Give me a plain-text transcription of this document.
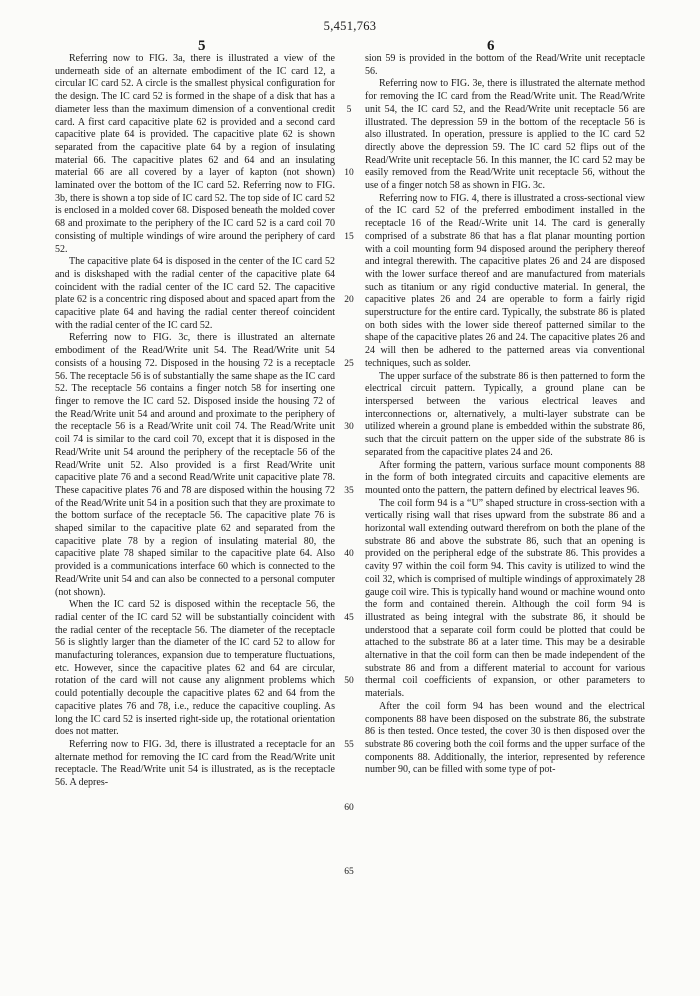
5,451,763
5	6

Referring now to FIG. 3a, there is illustrated a view of the underneath side of an alternate embodiment of the IC card 12, a circular IC card 52. A circle is the smallest physical configuration for the design. The IC card 52 is formed in the shape of a disk that has a diameter less than the maximum dimension of a conventional credit card. A first card capacitive plate 62 is provided and a second card capacitive plate 64 is provided. The capacitive plate 62 is shown separated from the capacitive plate 64 by a region of insulating material 66. The capacitive plates 62 and 64 and an insulating material 66 are all covered by a layer of kapton (not shown) laminated over the bottom of the IC card 52. Referring now to FIG. 3b, there is shown a top side of IC card 52. The top side of IC card 52 is enclosed in a molded cover 68. Disposed beneath the molded cover 68 and proximate to the periphery of the IC card 52 is a card coil 70 consisting of multiple windings of wire around the periphery of card 52.

The capacitive plate 64 is disposed in the center of the IC card 52 and is diskshaped with the radial center of the capacitive plate 64 coincident with the radial center of the IC card 52. The capacitive plate 62 is a concentric ring disposed about and spaced apart from the capacitive plate 64 and having the radial center thereof coincident with the radial center of the IC card 52.

Referring now to FIG. 3c, there is illustrated an alternate embodiment of the Read/Write unit 54. The Read/Write unit 54 consists of a housing 72. Disposed in the housing 72 is a receptacle 56. The receptacle 56 is of substantially the same shape as the IC card 52. The receptacle 56 contains a finger notch 58 for inserting one finger to remove the IC card 52. Disposed inside the housing 72 of the Read/Write unit 54 and around and proximate to the periphery of the receptacle 56 is a Read/Write unit coil 74. The Read/Write unit coil 74 is similar to the card coil 70, except that it is disposed in the Read/Write unit 54 around the periphery of the receptacle 56 of the Read/Write unit 52. Also provided is a first Read/Write unit capacitive plate 76 and a second Read/Write unit capacitive plate 78. These capacitive plates 76 and 78 are disposed within the housing 72 of the Read/Write unit 54 in a position such that they are proximate to the bottom surface of the receptacle 56. The capacitive plate 76 is shaped similar to the capacitive plate 62 and separated from the capacitive plate 78 by a region of insulating material 80, the capacitive plate 78 shaped similar to the capacitive plate 64. Also provided is a communications interface 60 which is connected to the Read/Write unit 54 and can also be connected to a personal computer (not shown).

When the IC card 52 is disposed within the receptacle 56, the radial center of the IC card 52 will be substantially coincident with the radial center of the receptacle 56. The diameter of the receptacle 56 is slightly larger than the diameter of the IC card 52 to allow for manufacturing tolerances, expansion due to temperature fluctuations, etc. However, since the capacitive plates 62 and 64 are circular, rotation of the card will not cause any alignment problems which could potentially decouple the capacitive plates 62 and 64 from the capacitive plates 76 and 78, i.e., reduce the capacitive coupling. As long the IC card 52 is inserted right-side up, the rotational orientation does not matter.

Referring now to FIG. 3d, there is illustrated a receptacle for an alternate method for removing the IC card from the Read/Write unit receptacle. The Read/Write unit 54 is illustrated, as is the receptacle 56. A depres-

5
10
15
20
25
30
35
40
45
50
55
60
65

sion 59 is provided in the bottom of the Read/Write unit receptacle 56.

Referring now to FIG. 3e, there is illustrated the alternate method for removing the IC card from the Read/Write unit. The Read/Write unit 54, the IC card 52, and the Read/Write unit receptacle 56 are illustrated. The depression 59 in the bottom of the receptacle 56 is also illustrated. In operation, pressure is applied to the IC card 52 directly above the depression 59. The IC card 52 flips out of the Read/Write unit receptacle 56. In this manner, the IC card 52 may be easily removed from the Read/Write unit receptacle 56, without the use of a finger notch 58 as shown in FIG. 3c.

Referring now to FIG. 4, there is illustrated a cross-sectional view of the IC card 52 of the preferred embodiment installed in the receptacle 16 of the Read/-Write unit 14. The card is generally comprised of a substrate 86 that has a flat planar mounting portion with a coil mounting form 94 disposed around the periphery thereof and integral therewith. The capacitive plates 26 and 24 are disposed with the lower surface thereof and are manufactured from materials such as titanium or any rigid conductive material. In general, the capacitive plates 26 and 24 are operable to form a fairly rigid superstructure for the entire card. Typically, the substrate 86 is plated on both sides with the lower side thereof patterned similar to the shape of the capacitive plates 26 and 24. The capacitive plates 26 and 24 will then be adhered to the patterned areas via conventional techniques, such as solder.

The upper surface of the substrate 86 is then patterned to form the electrical circuit pattern. Typically, a ground plane can be interspersed between the various electrical leaves and interconnections or, alternatively, a multi-layer substrate can be utilized wherein a ground plane is embedded within the substrate 86, such that the circuit pattern on the upper side of the substrate 86 is separated from the capacitive plates 24 and 26.

After forming the pattern, various surface mount components 88 in the form of both integrated circuits and capacitive elements are mounted onto the pattern, the pattern defined by electrical leaves 96.

The coil form 94 is a “U” shaped structure in cross-section with a vertically rising wall that rises upward from the substrate 86 and a horizontal wall extending outward therefrom on both the plane of the substrate 86 and above the substrate 86, such that an opening is provided on the peripheral edge of the substrate 86. This provides a cavity 97 within the coil form 94. This cavity is utilized to wind the coil 32, which is comprised of multiple windings of approximately 28 gauge coil wire. This is typically hand wound or machine wound onto the form and contained therein. Although the coil form 94 is illustrated as being integral with the substrate 86, it should be understood that a separate coil form could be plotted that could be attached to the substrate 86 at a later time. This may be a desirable alternative in that the coil form can then be made independent of the substrate 86 and from a different material to account for various thermal coil coefficients of expansion, or other parameters to materials.

After the coil form 94 has been wound and the electrical components 88 have been disposed on the substrate 86, the substrate 86 is then tested. Once tested, the cover 30 is then disposed over the substrate 86 covering both the coil forms and the upper surface of the components 88. Additionally, the interior, represented by reference number 90, can be filled with some type of pot-
